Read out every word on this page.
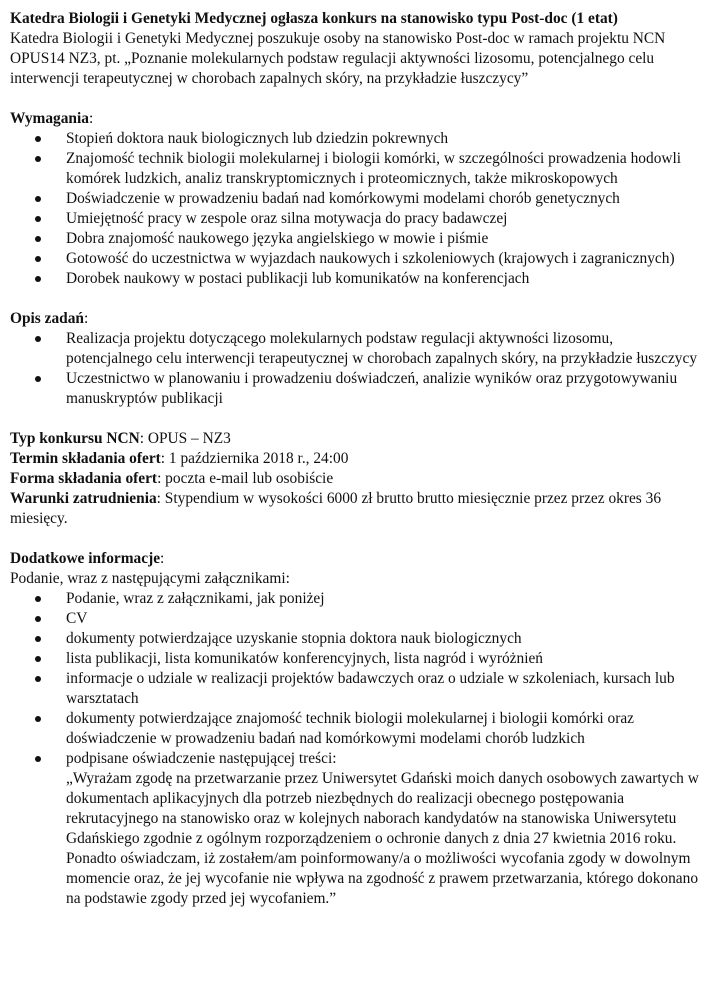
Katedra Biologii i Genetyki Medycznej ogłasza konkurs na stanowisko typu Post-doc (1 etat)

Katedra Biologii i Genetyki Medycznej poszukuje osoby na stanowisko Post-doc w ramach projektu NCN OPUS14 NZ3, pt. „Poznanie molekularnych podstaw regulacji aktywności lizosomu, potencjalnego celu interwencji terapeutycznej w chorobach zapalnych skóry, na przykładzie łuszczycy”

Wymagania:

Stopień doktora nauk biologicznych lub dziedzin pokrewnych
Znajomość technik biologii molekularnej i biologii komórki, w szczególności prowadzenia hodowli komórek ludzkich, analiz transkryptomicznych i proteomicznych, także mikroskopowych
Doświadczenie w prowadzeniu badań nad komórkowymi modelami chorób genetycznych
Umiejętność pracy w zespole oraz silna motywacja do pracy badawczej
Dobra znajomość naukowego języka angielskiego w mowie i piśmie
Gotowość do uczestnictwa w wyjazdach naukowych i szkoleniowych (krajowych i zagranicznych)
Dorobek naukowy w postaci publikacji lub komunikatów na konferencjach

Opis zadań:

Realizacja projektu dotyczącego molekularnych podstaw regulacji aktywności lizosomu, potencjalnego celu interwencji terapeutycznej w chorobach zapalnych skóry, na przykładzie łuszczycy
Uczestnictwo w planowaniu i prowadzeniu doświadczeń, analizie wyników oraz przygotowywaniu manuskryptów publikacji

Typ konkursu NCN: OPUS – NZ3

Termin składania ofert: 1 października 2018 r., 24:00

Forma składania ofert: poczta e-mail lub osobiście

Warunki zatrudnienia: Stypendium w wysokości 6000 zł brutto brutto miesięcznie przez przez okres 36 miesięcy.

Dodatkowe informacje:

Podanie, wraz z następującymi załącznikami:

Podanie, wraz z załącznikami, jak poniżej
CV
dokumenty potwierdzające uzyskanie stopnia doktora nauk biologicznych
lista publikacji, lista komunikatów konferencyjnych, lista nagród i wyróżnień
informacje o udziale w realizacji projektów badawczych oraz o udziale w szkoleniach, kursach lub warsztatach
dokumenty potwierdzające znajomość technik biologii molekularnej i biologii komórki oraz doświadczenie w prowadzeniu badań nad komórkowymi modelami chorób ludzkich
podpisane oświadczenie następującej treści:
„Wyrażam zgodę na przetwarzanie przez Uniwersytet Gdański moich danych osobowych zawartych w dokumentach aplikacyjnych dla potrzeb niezbędnych do realizacji obecnego postępowania rekrutacyjnego na stanowisko oraz w kolejnych naborach kandydatów na stanowiska Uniwersytetu Gdańskiego zgodnie z ogólnym rozporządzeniem o ochronie danych z dnia 27 kwietnia 2016 roku. Ponadto oświadczam, iż zostałem/am poinformowany/a o możliwości wycofania zgody w dowolnym momencie oraz, że jej wycofanie nie wpływa na zgodność z prawem przetwarzania, którego dokonano na podstawie zgody przed jej wycofaniem.”
